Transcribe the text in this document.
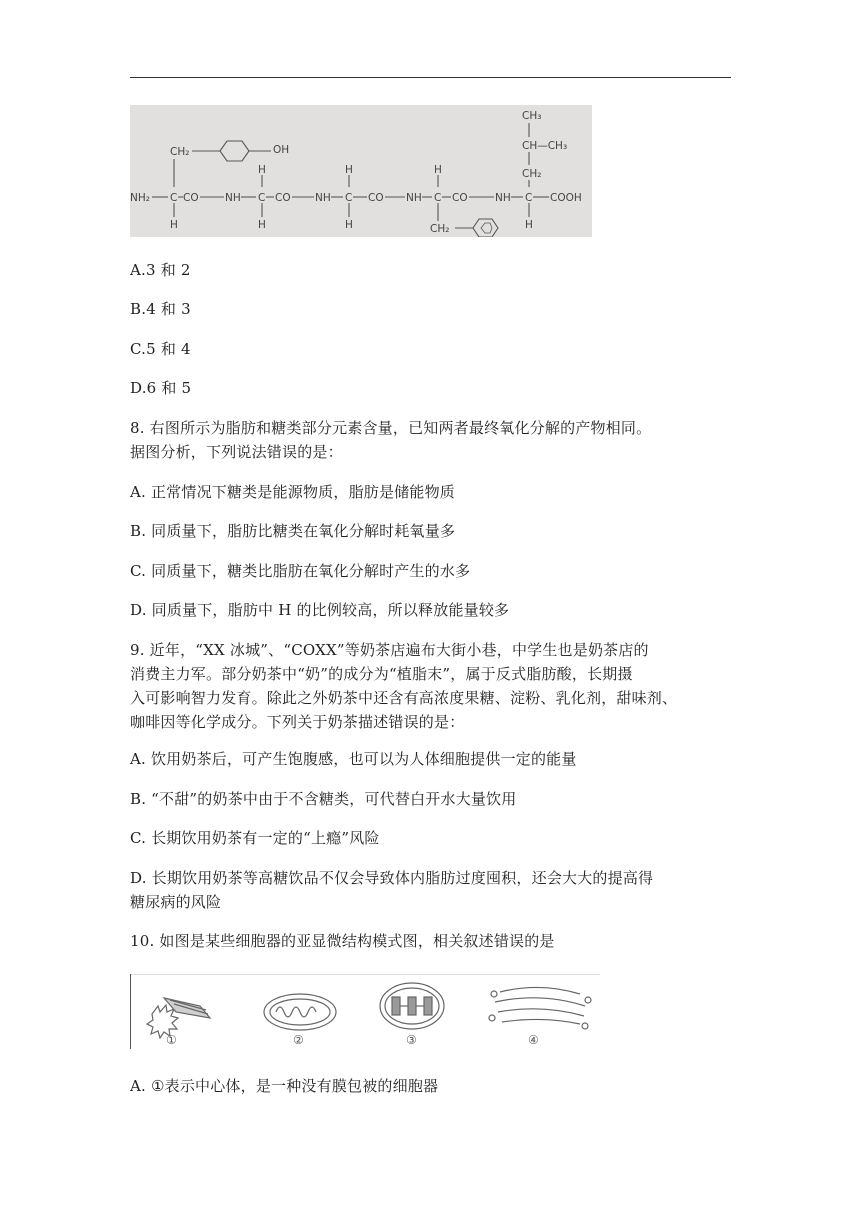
NH₂ C CO	NH C CO NH C CO NH C CO	NH C COOH
H	H	H	H
H	H	H
CH₂	OH
CH₂
CH₃
CH—CH₃
CH₂

A.3 和 2

B.4 和 3

C.5 和 4

D.6 和 5

8. 右图所示为脂肪和糖类部分元素含量，已知两者最终氧化分解的产物相同。

据图分析，下列说法错误的是：

A. 正常情况下糖类是能源物质，脂肪是储能物质

B. 同质量下，脂肪比糖类在氧化分解时耗氧量多

C. 同质量下，糖类比脂肪在氧化分解时产生的水多

D. 同质量下，脂肪中 H 的比例较高，所以释放能量较多

9. 近年，“XX 冰城”、“COXX”等奶茶店遍布大街小巷，中学生也是奶茶店的

消费主力军。部分奶茶中“奶”的成分为“植脂末”，属于反式脂肪酸，长期摄

入可影响智力发育。除此之外奶茶中还含有高浓度果糖、淀粉、乳化剂，甜味剂、

咖啡因等化学成分。下列关于奶茶描述错误的是：

A. 饮用奶茶后，可产生饱腹感，也可以为人体细胞提供一定的能量

B. “不甜”的奶茶中由于不含糖类，可代替白开水大量饮用

C. 长期饮用奶茶有一定的“上瘾”风险

D. 长期饮用奶茶等高糖饮品不仅会导致体内脂肪过度囤积，还会大大的提高得

糖尿病的风险

10. 如图是某些细胞器的亚显微结构模式图，相关叙述错误的是

①	②	③	④

A. ①表示中心体，是一种没有膜包被的细胞器
